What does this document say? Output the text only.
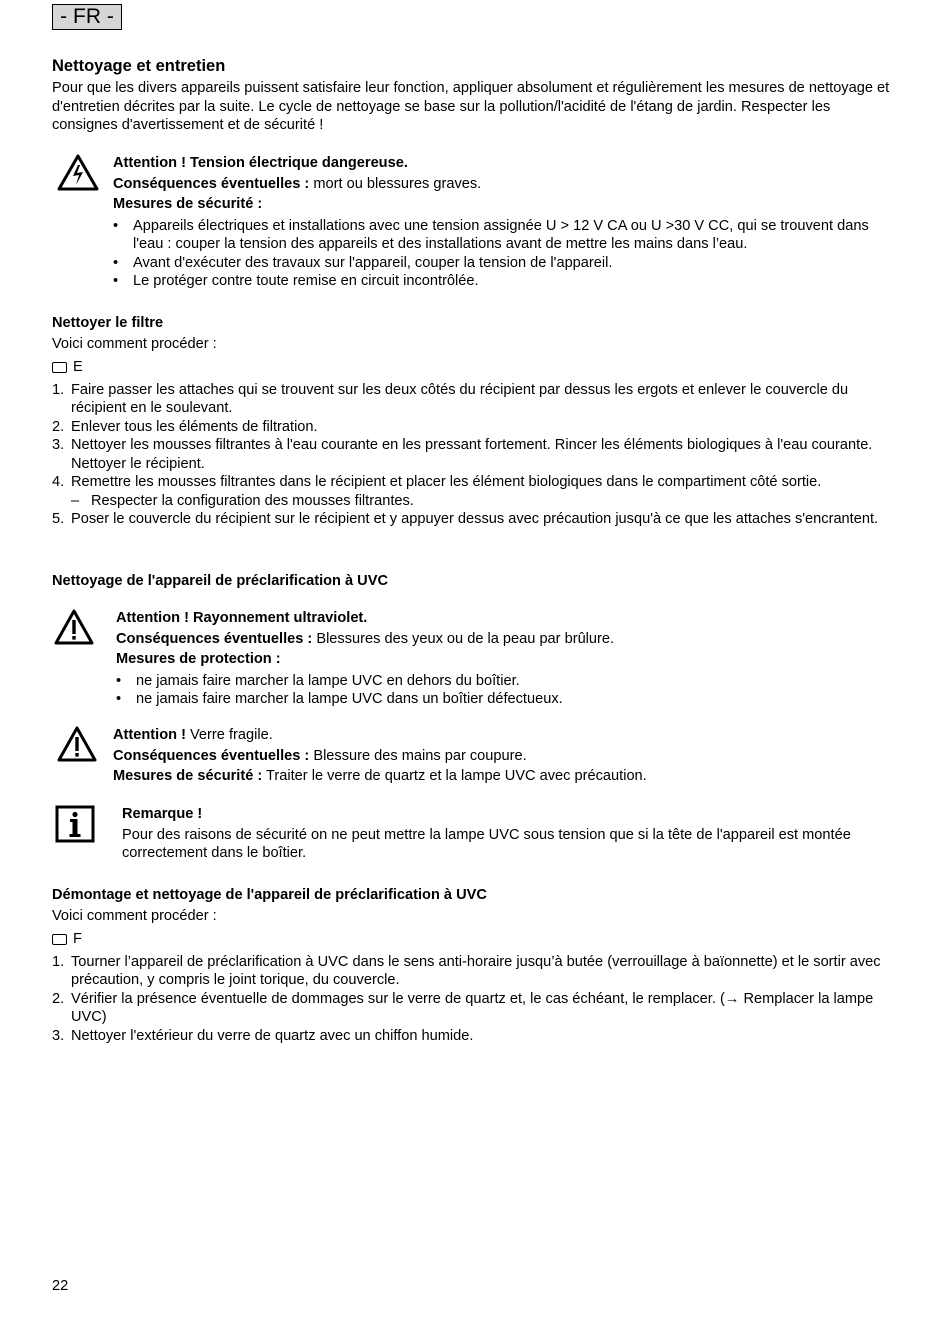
- FR -
Nettoyage et entretien

Pour que les divers appareils puissent satisfaire leur fonction, appliquer absolument et régulièrement les mesures de nettoyage et d'entretien décrites par la suite. Le cycle de nettoyage se base sur la pollution/l'acidité de l'étang de jardin. Respecter les consignes d'avertissement et de sécurité !

Attention ! Tension électrique dangereuse.

Conséquences éventuelles : mort ou blessures graves.

Mesures de sécurité :

• Appareils électriques et installations avec une tension assignée U > 12 V CA ou U >30 V CC, qui se trouvent dans l'eau : couper la tension des appareils et des installations avant de mettre les mains dans l’eau.
• Avant d'exécuter des travaux sur l'appareil, couper la tension de l'appareil.
• Le protéger contre toute remise en circuit incontrôlée.
Nettoyer le filtre

Voici comment procéder :

E
1. Faire passer les attaches qui se trouvent sur les deux côtés du récipient par dessus les ergots et enlever le couvercle du récipient en le soulevant.
2. Enlever tous les éléments de filtration.
3. Nettoyer les mousses filtrantes à l'eau courante en les pressant fortement. Rincer les éléments biologiques à l'eau courante. Nettoyer le récipient.
4. Remettre les mousses filtrantes dans le récipient et placer les élément biologiques dans le compartiment côté sortie.
– Respecter la configuration des mousses filtrantes.
5. Poser le couvercle du récipient sur le récipient et y appuyer dessus avec précaution jusqu'à ce que les attaches s'encrantent.
Nettoyage de l'appareil de préclarification à UVC

Attention ! Rayonnement ultraviolet.

Conséquences éventuelles : Blessures des yeux ou de la peau par brûlure.

Mesures de protection :

• ne jamais faire marcher la lampe UVC en dehors du boîtier.
• ne jamais faire marcher la lampe UVC dans un boîtier défectueux.

Attention ! Verre fragile.

Conséquences éventuelles : Blessure des mains par coupure.

Mesures de sécurité : Traiter le verre de quartz et la lampe UVC avec précaution.

Remarque !

Pour des raisons de sécurité on ne peut mettre la lampe UVC sous tension que si la tête de l'appareil est montée correctement dans le boîtier.

Démontage et nettoyage de l'appareil de préclarification à UVC

Voici comment procéder :

F
1. Tourner l’appareil de préclarification à UVC dans le sens anti-horaire jusqu’à butée (verrouillage à baïonnette) et le sortir avec précaution, y compris le joint torique, du couvercle.
2. Vérifier la présence éventuelle de dommages sur le verre de quartz et, le cas échéant, le remplacer. (→ Remplacer la lampe UVC)
3. Nettoyer l'extérieur du verre de quartz avec un chiffon humide.
22
